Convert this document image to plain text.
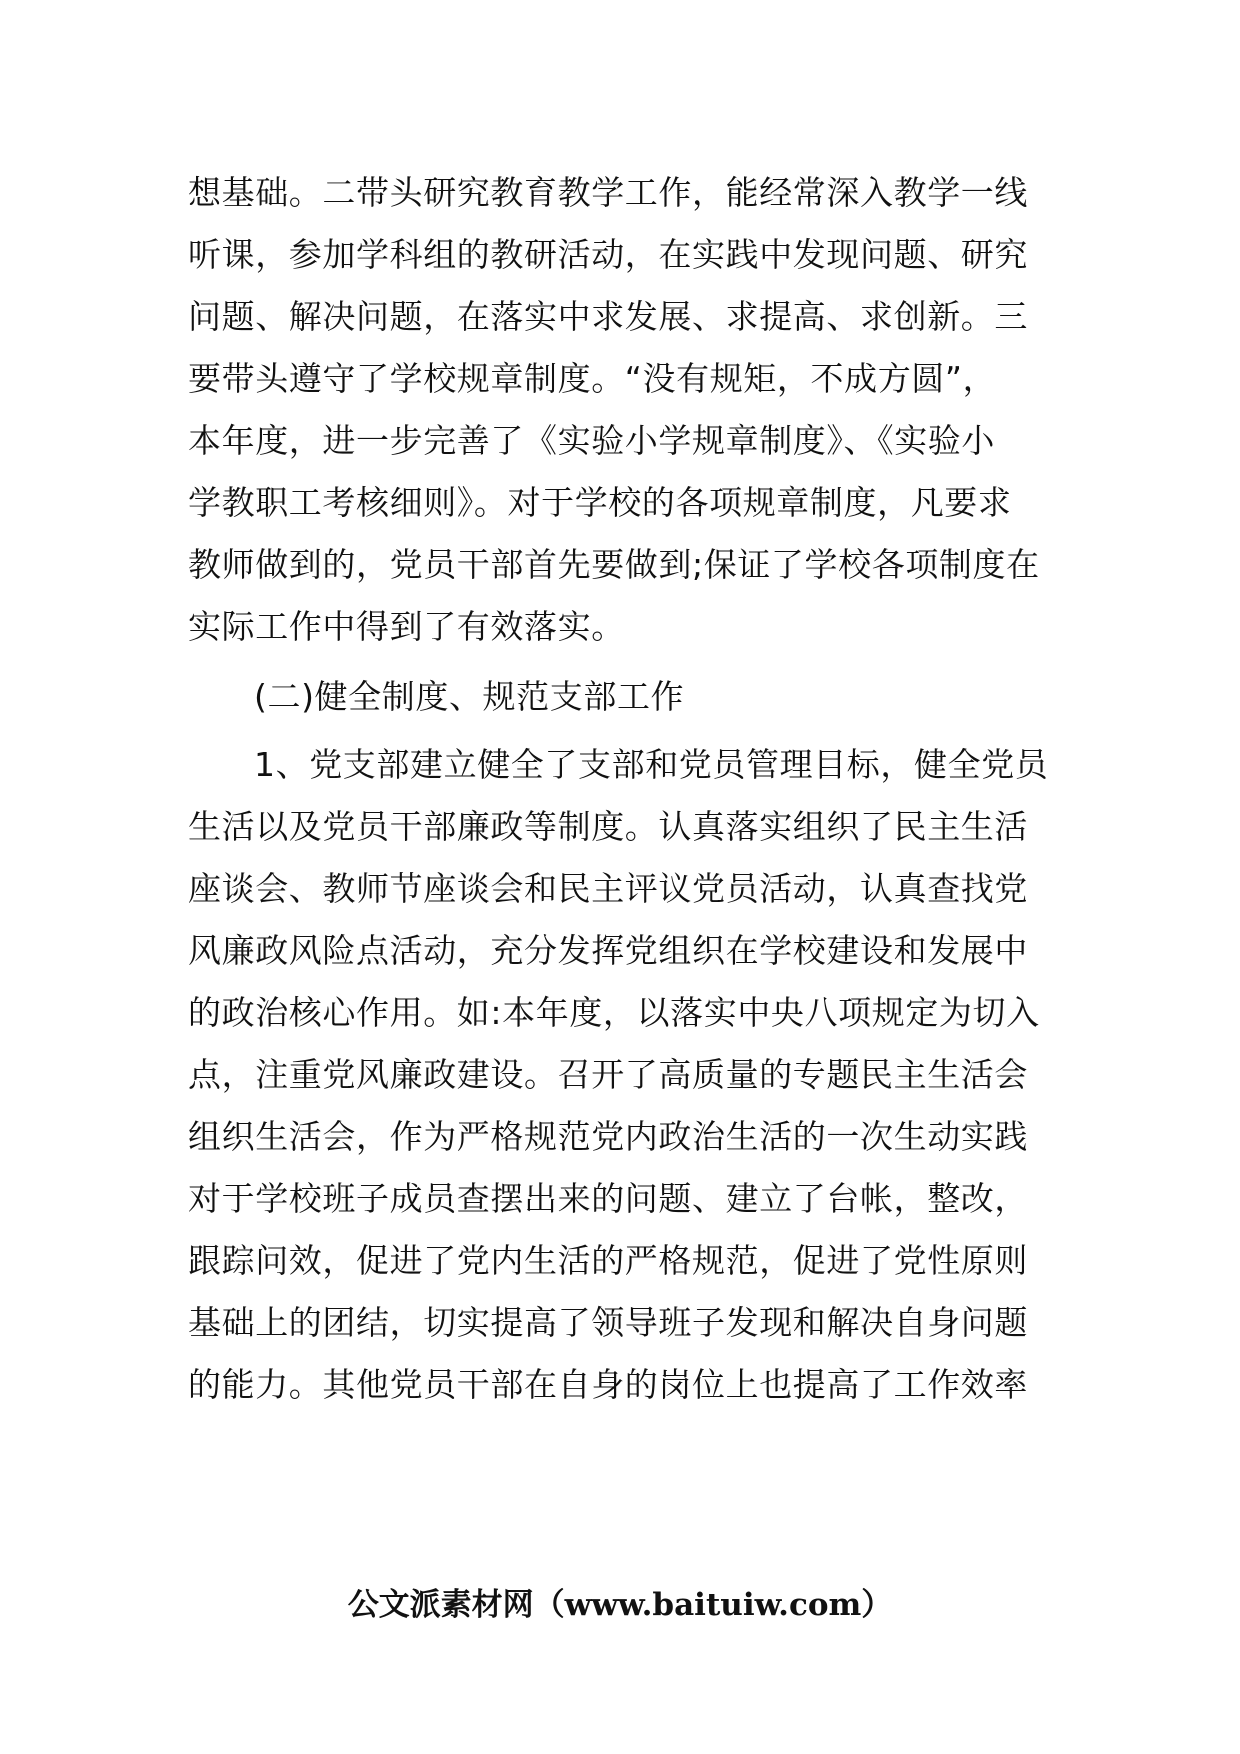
想基础。二带头研究教育教学工作，能经常深入教学一线
听课，参加学科组的教研活动，在实践中发现问题、研究
问题、解决问题，在落实中求发展、求提高、求创新。三
要带头遵守了学校规章制度。“没有规矩，不成方圆”，
本年度，进一步完善了《实验小学规章制度》、《实验小
学教职工考核细则》。对于学校的各项规章制度，凡要求
教师做到的，党员干部首先要做到;保证了学校各项制度在
实际工作中得到了有效落实。
(二)健全制度、规范支部工作
1、党支部建立健全了支部和党员管理目标，健全党员
生活以及党员干部廉政等制度。认真落实组织了民主生活
座谈会、教师节座谈会和民主评议党员活动，认真查找党
风廉政风险点活动，充分发挥党组织在学校建设和发展中
的政治核心作用。如:本年度，以落实中央八项规定为切入
点，注重党风廉政建设。召开了高质量的专题民主生活会
组织生活会，作为严格规范党内政治生活的一次生动实践
对于学校班子成员查摆出来的问题、建立了台帐，整改，
跟踪问效，促进了党内生活的严格规范，促进了党性原则
基础上的团结，切实提高了领导班子发现和解决自身问题
的能力。其他党员干部在自身的岗位上也提高了工作效率
公文派素材网（www.baituiw.com）
